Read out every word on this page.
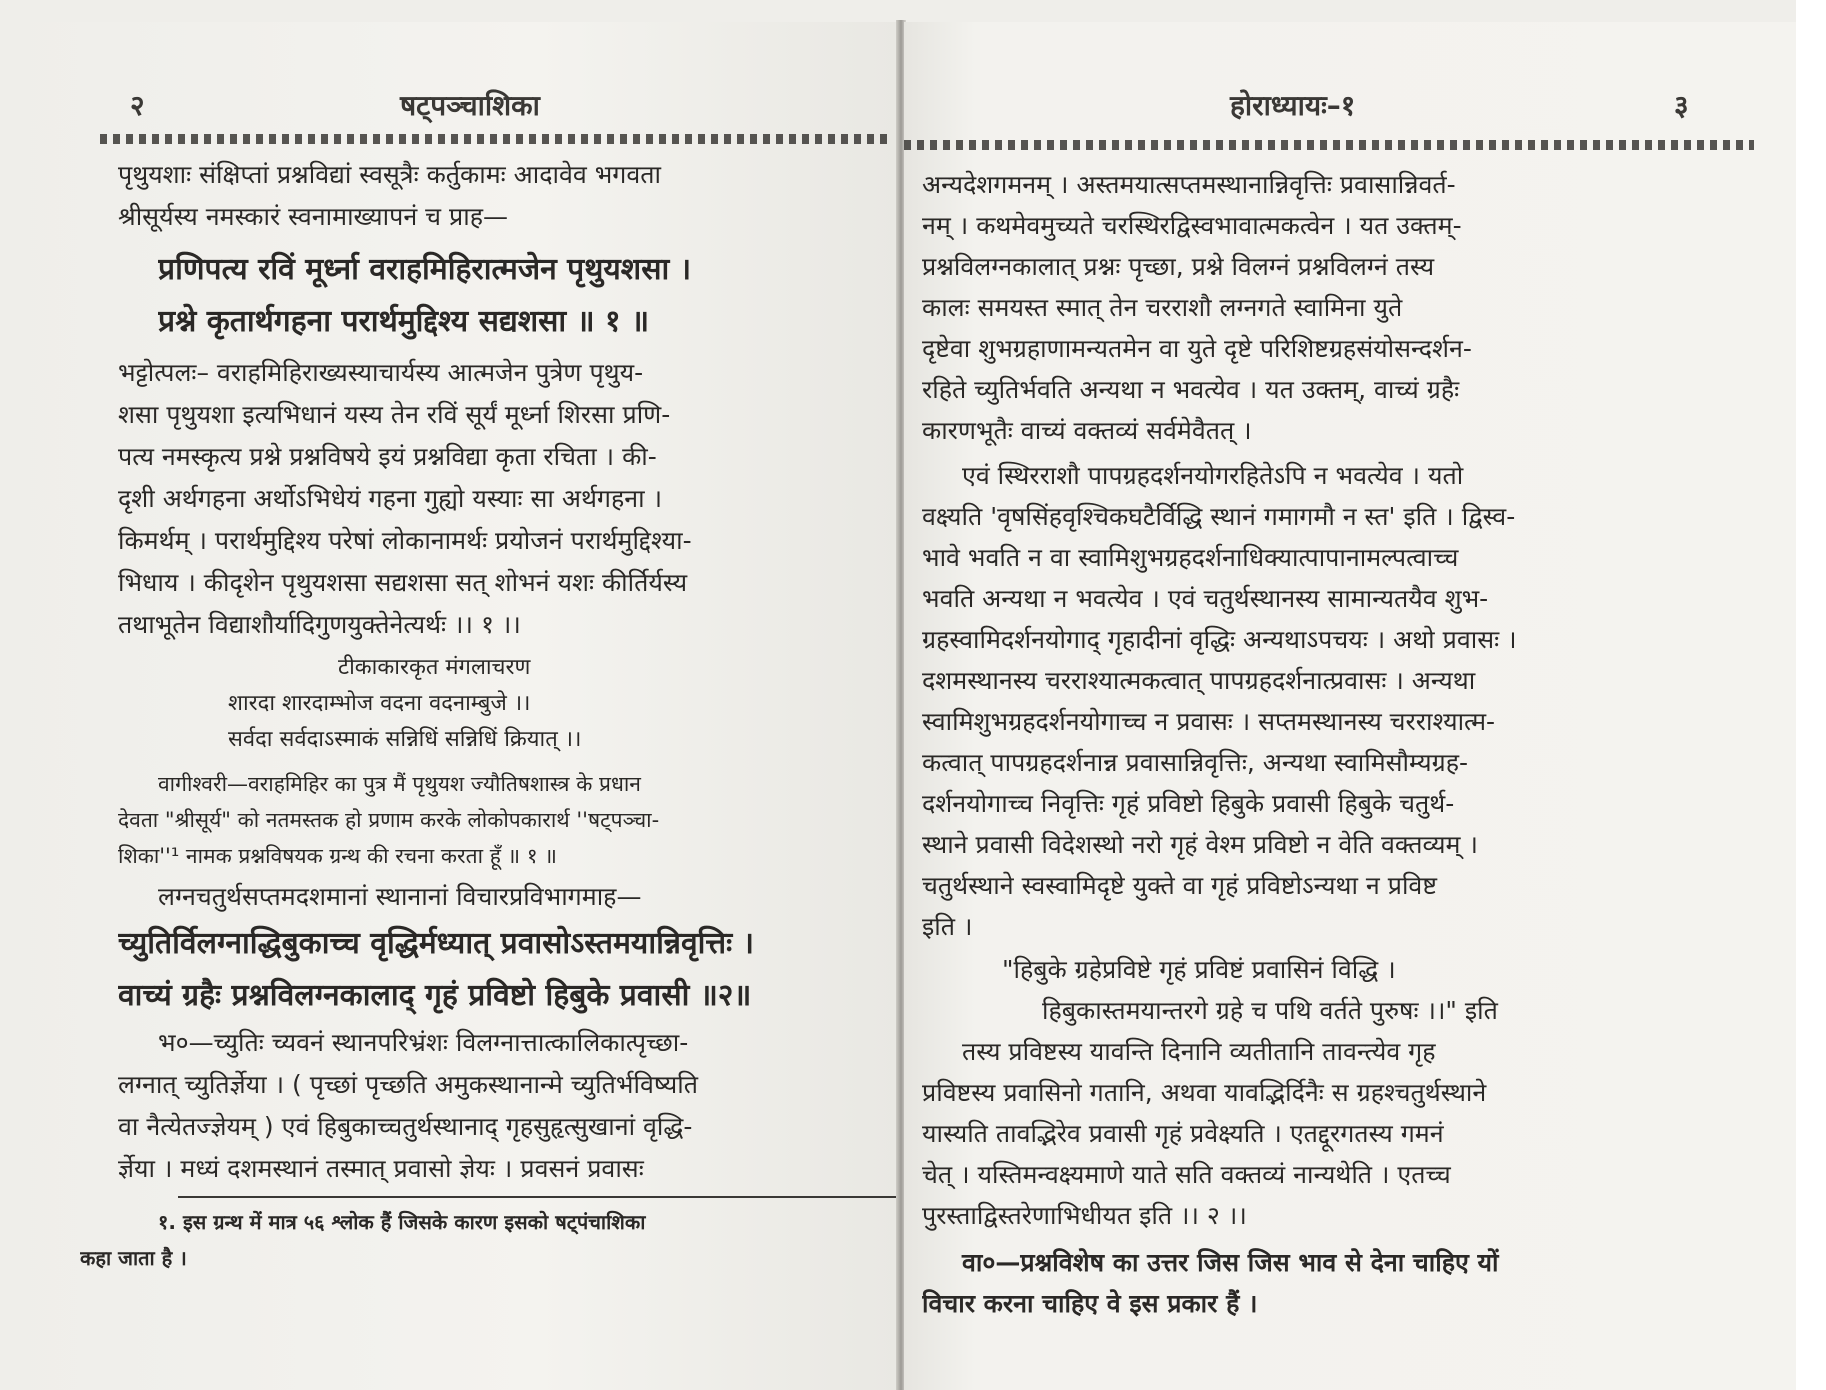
२	षट्पञ्चाशिका

पृथुयशाः संक्षिप्तां प्रश्नविद्यां स्वसूत्रैः कर्तुकामः आदावेव भगवता

श्रीसूर्यस्य नमस्कारं स्वनामाख्यापनं च प्राह—

प्रणिपत्य रविं मूर्ध्ना वराहमिहिरात्मजेन पृथुयशसा ।

प्रश्ने कृतार्थगहना परार्थमुद्दिश्य सद्यशसा ॥ १ ॥

भट्टोत्पलः– वराहमिहिराख्यस्याचार्यस्य आत्मजेन पुत्रेण पृथुय-

शसा पृथुयशा इत्यभिधानं यस्य तेन रविं सूर्यं मूर्ध्ना शिरसा प्रणि-

पत्य नमस्कृत्य प्रश्ने प्रश्नविषये इयं प्रश्नविद्या कृता रचिता । की-

दृशी अर्थगहना अर्थोऽभिधेयं गहना गुह्यो यस्याः सा अर्थगहना ।

किमर्थम् । परार्थमुद्दिश्य परेषां लोकानामर्थः प्रयोजनं परार्थमुद्दिश्या-

भिधाय । कीदृशेन पृथुयशसा सद्यशसा सत् शोभनं यशः कीर्तिर्यस्य

तथाभूतेन विद्याशौर्यादिगुणयुक्तेनेत्यर्थः ।। १ ।।

टीकाकारकृत मंगलाचरण

शारदा शारदाम्भोज वदना वदनाम्बुजे ।।

सर्वदा सर्वदाऽस्माकं सन्निधिं सन्निधिं क्रियात् ।।

वागीश्वरी—वराहमिहिर का पुत्र मैं पृथुयश ज्यौतिषशास्त्र के प्रधान

देवता "श्रीसूर्य" को नतमस्तक हो प्रणाम करके लोकोपकारार्थ ''षट्पञ्चा-

शिका''¹ नामक प्रश्नविषयक ग्रन्थ की रचना करता हूँ ॥ १ ॥

लग्नचतुर्थसप्तमदशमानां स्थानानां विचारप्रविभागमाह—

च्युतिर्विलग्नाद्धिबुकाच्च वृद्धिर्मध्यात् प्रवासोऽस्तमयान्निवृत्तिः ।

वाच्यं ग्रहैः प्रश्नविलग्नकालाद् गृहं प्रविष्टो हिबुके प्रवासी ॥२॥

भ०—च्युतिः च्यवनं स्थानपरिभ्रंशः विलग्नात्तात्कालिकात्पृच्छा-

लग्नात् च्युतिर्ज्ञेया । ( पृच्छां पृच्छति अमुकस्थानान्मे च्युतिर्भविष्यति

वा नैत्येतज्ज्ञेयम् ) एवं हिबुकाच्चतुर्थस्थानाद् गृहसुहृत्सुखानां वृद्धि-

र्ज्ञेया । मध्यं दशमस्थानं तस्मात् प्रवासो ज्ञेयः । प्रवसनं प्रवासः

१. इस ग्रन्थ में मात्र ५६ श्लोक हैं जिसके कारण इसको षट्पंचाशिका

कहा जाता है ।

होराध्यायः–१	३

अन्यदेशगमनम् । अस्तमयात्सप्तमस्थानान्निवृत्तिः प्रवासान्निवर्त-

नम् । कथमेवमुच्यते चरस्थिरद्विस्वभावात्मकत्वेन । यत उक्तम्-

प्रश्नविलग्नकालात् प्रश्नः पृच्छा, प्रश्ने विलग्नं प्रश्नविलग्नं तस्य

कालः समयस्त स्मात् तेन चरराशौ लग्नगते स्वामिना युते

दृष्टेवा शुभग्रहाणामन्यतमेन वा युते दृष्टे परिशिष्टग्रहसंयोसन्दर्शन-

रहिते च्युतिर्भवति अन्यथा न भवत्येव । यत उक्तम्, वाच्यं ग्रहैः

कारणभूतैः वाच्यं वक्तव्यं सर्वमेवैतत् ।

एवं स्थिरराशौ पापग्रहदर्शनयोगरहितेऽपि न भवत्येव । यतो

वक्ष्यति 'वृषसिंहवृश्चिकघटैर्विद्धि स्थानं गमागमौ न स्त' इति । द्विस्व-

भावे भवति न वा स्वामिशुभग्रहदर्शनाधिक्यात्पापानामल्पत्वाच्च

भवति अन्यथा न भवत्येव । एवं चतुर्थस्थानस्य सामान्यतयैव शुभ-

ग्रहस्वामिदर्शनयोगाद् गृहादीनां वृद्धिः अन्यथाऽपचयः । अथो प्रवासः ।

दशमस्थानस्य चरराश्यात्मकत्वात् पापग्रहदर्शनात्प्रवासः । अन्यथा

स्वामिशुभग्रहदर्शनयोगाच्च न प्रवासः । सप्तमस्थानस्य चरराश्यात्म-

कत्वात् पापग्रहदर्शनान्न प्रवासान्निवृत्तिः, अन्यथा स्वामिसौम्यग्रह-

दर्शनयोगाच्च निवृत्तिः गृहं प्रविष्टो हिबुके प्रवासी हिबुके चतुर्थ-

स्थाने प्रवासी विदेशस्थो नरो गृहं वेश्म प्रविष्टो न वेति वक्तव्यम् ।

चतुर्थस्थाने स्वस्वामिदृष्टे युक्ते वा गृहं प्रविष्टोऽन्यथा न प्रविष्ट

इति ।

"हिबुके ग्रहेप्रविष्टे गृहं प्रविष्टं प्रवासिनं विद्धि ।

हिबुकास्तमयान्तरगे ग्रहे च पथि वर्तते पुरुषः ।।" इति

तस्य प्रविष्टस्य यावन्ति दिनानि व्यतीतानि तावन्त्येव गृह

प्रविष्टस्य प्रवासिनो गतानि, अथवा यावद्भिर्दिनैः स ग्रहश्चतुर्थस्थाने

यास्यति तावद्भिरेव प्रवासी गृहं प्रवेक्ष्यति । एतद्दूरगतस्य गमनं

चेत् । यस्तिमन्वक्ष्यमाणे याते सति वक्तव्यं नान्यथेति । एतच्च

पुरस्ताद्विस्तरेणाभिधीयत इति ।। २ ।।

वा०—प्रश्नविशेष का उत्तर जिस जिस भाव से देना चाहिए यों

विचार करना चाहिए वे इस प्रकार हैं ।
